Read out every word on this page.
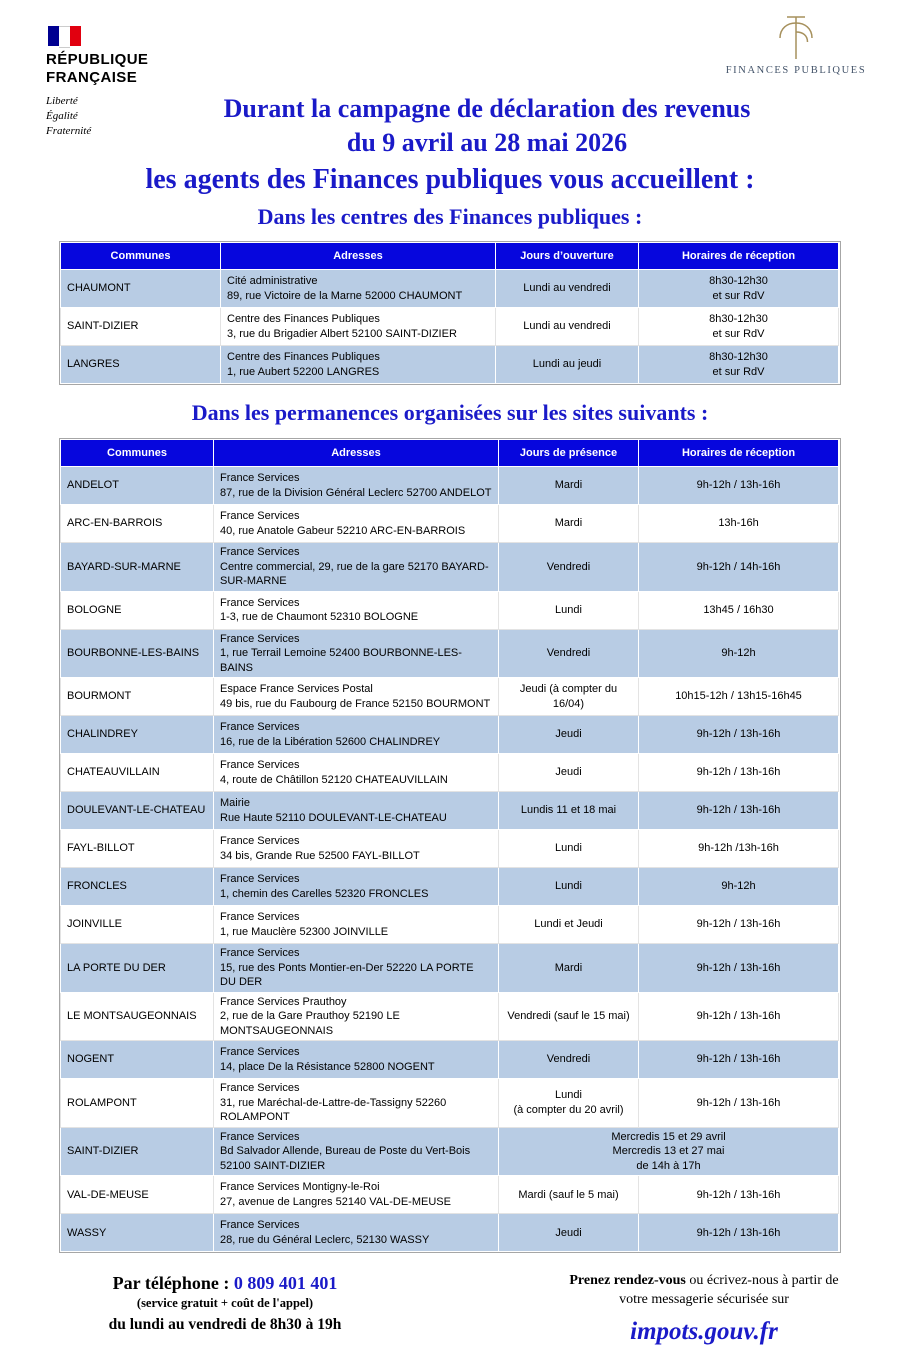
RÉPUBLIQUE
FRANÇAISE
Liberté
Égalité
Fraternité
FINANCES PUBLIQUES
Durant la campagne de déclaration des revenus
du 9 avril au 28 mai 2026
les agents des Finances publiques vous accueillent :
Dans les centres des Finances publiques :
Communes	Adresses	Jours d’ouverture	Horaires de réception
CHAUMONT	Cité administrative
89, rue Victoire de la Marne 52000 CHAUMONT	Lundi au vendredi	8h30-12h30
et sur RdV
SAINT-DIZIER	Centre des Finances Publiques
3, rue du Brigadier Albert 52100 SAINT-DIZIER	Lundi au vendredi	8h30-12h30
et sur RdV
LANGRES	Centre des Finances Publiques
1, rue Aubert 52200 LANGRES	Lundi au jeudi	8h30-12h30
et sur RdV
Dans les permanences organisées sur les sites suivants :
Communes	Adresses	Jours de présence	Horaires de réception
ANDELOT	France Services
87, rue de la Division Général Leclerc 52700 ANDELOT	Mardi	9h-12h / 13h-16h
ARC-EN-BARROIS	France Services
40, rue Anatole Gabeur 52210 ARC-EN-BARROIS	Mardi	13h-16h
BAYARD-SUR-MARNE	France Services
Centre commercial, 29, rue de la gare 52170 BAYARD-SUR-MARNE	Vendredi	9h-12h / 14h-16h
BOLOGNE	France Services
1-3, rue de Chaumont 52310 BOLOGNE	Lundi	13h45 / 16h30
BOURBONNE-LES-BAINS	France Services
1, rue Terrail Lemoine 52400 BOURBONNE-LES-BAINS	Vendredi	9h-12h
BOURMONT	Espace France Services Postal
49 bis, rue du Faubourg de France 52150 BOURMONT	Jeudi (à compter du
16/04)	10h15-12h / 13h15-16h45
CHALINDREY	France Services
16, rue de la Libération 52600 CHALINDREY	Jeudi	9h-12h / 13h-16h
CHATEAUVILLAIN	France Services
4, route de Châtillon 52120 CHATEAUVILLAIN	Jeudi	9h-12h / 13h-16h
DOULEVANT-LE-CHATEAU	Mairie
Rue Haute 52110 DOULEVANT-LE-CHATEAU	Lundis 11 et 18 mai	9h-12h / 13h-16h
FAYL-BILLOT	France Services
34 bis, Grande Rue 52500 FAYL-BILLOT	Lundi	9h-12h /13h-16h
FRONCLES	France Services
1, chemin des Carelles 52320 FRONCLES	Lundi	9h-12h
JOINVILLE	France Services
1, rue Mauclère 52300 JOINVILLE	Lundi et Jeudi	9h-12h / 13h-16h
LA PORTE DU DER	France Services
15, rue des Ponts Montier-en-Der 52220 LA PORTE DU DER	Mardi	9h-12h / 13h-16h
LE MONTSAUGEONNAIS	France Services Prauthoy
2, rue de la Gare Prauthoy 52190 LE MONTSAUGEONNAIS	Vendredi (sauf le 15 mai)	9h-12h / 13h-16h
NOGENT	France Services
14, place De la Résistance 52800 NOGENT	Vendredi	9h-12h / 13h-16h
ROLAMPONT	France Services
31, rue Maréchal-de-Lattre-de-Tassigny 52260 ROLAMPONT	Lundi
(à compter du 20 avril)	9h-12h / 13h-16h
SAINT-DIZIER	France Services
Bd Salvador Allende, Bureau de Poste du Vert-Bois 52100 SAINT-DIZIER	Mercredis 15 et 29 avril
Mercredis 13 et 27 mai
de 14h à 17h	
VAL-DE-MEUSE	France Services Montigny-le-Roi
27, avenue de Langres 52140 VAL-DE-MEUSE	Mardi (sauf le 5 mai)	9h-12h / 13h-16h
WASSY	France Services
28, rue du Général Leclerc, 52130 WASSY	Jeudi	9h-12h / 13h-16h
Par téléphone : 0 809 401 401
(service gratuit + coût de l'appel)
du lundi au vendredi de 8h30 à 19h
Prenez rendez-vous ou écrivez-nous à partir de votre messagerie sécurisée sur
impots.gouv.fr
